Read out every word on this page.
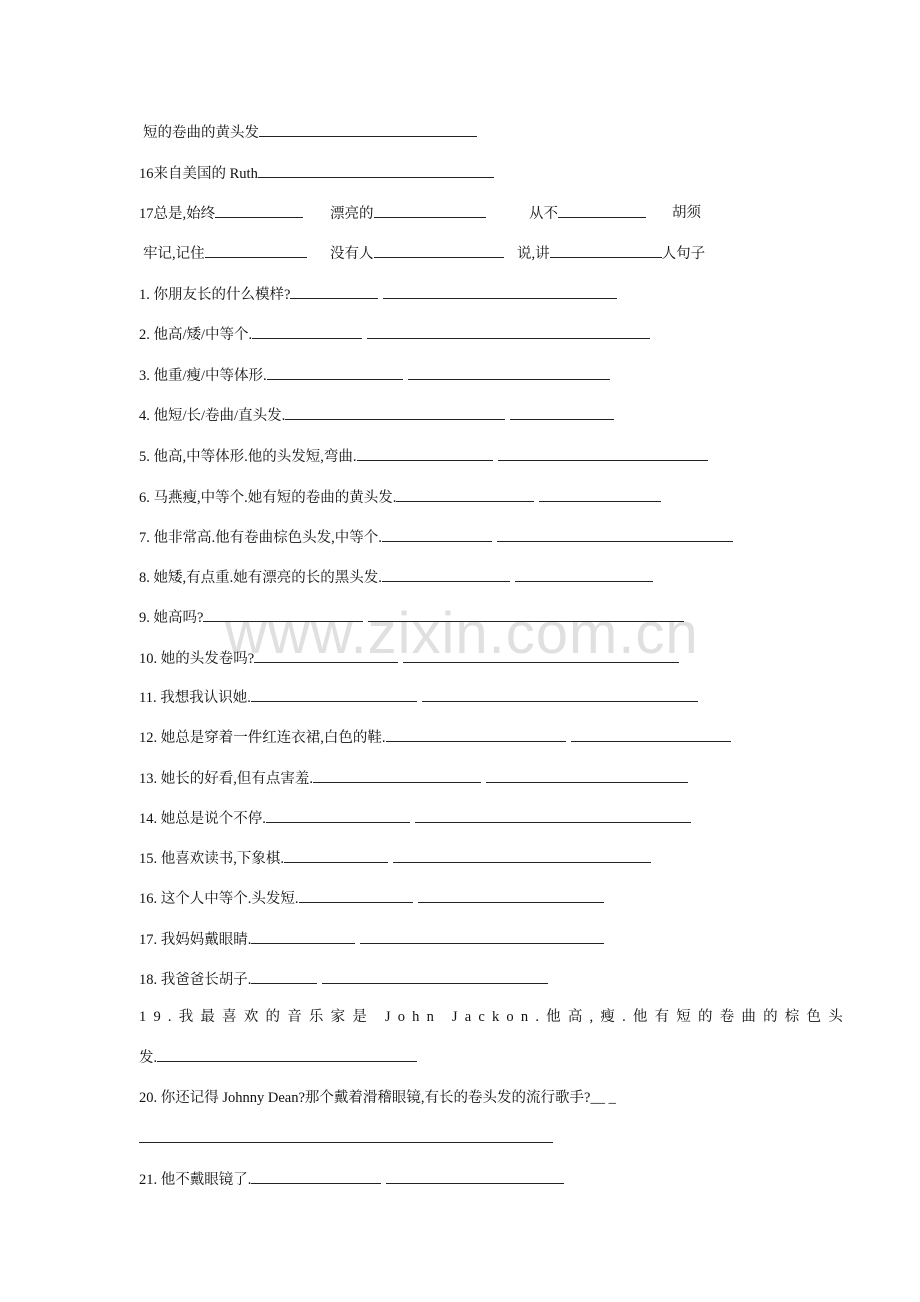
www.zixin.com.cn
短的卷曲的黄头发
16来自美国的 Ruth
17总是,始终	漂亮的	从不	胡须
牢记,记住	没有人	说,讲	人句子
1. 你朋友长的什么模样?
2. 他高/矮/中等个.
3. 他重/瘦/中等体形.
4. 他短/长/卷曲/直头发.
5. 他高,中等体形.他的头发短,弯曲.
6. 马燕瘦,中等个.她有短的卷曲的黄头发.
7. 他非常高.他有卷曲棕色头发,中等个.
8. 她矮,有点重.她有漂亮的长的黑头发.
9. 她高吗?
10. 她的头发卷吗?
11. 我想我认识她.
12. 她总是穿着一件红连衣裙,白色的鞋.
13. 她长的好看,但有点害羞.
14. 她总是说个不停.
15. 他喜欢读书,下象棋.
16. 这个人中等个.头发短.
17. 我妈妈戴眼睛.
18. 我爸爸长胡子.
19.我最喜欢的音乐家是 John Jackon.他高,瘦.他有短的卷曲的棕色头
发.
20. 你还记得 Johnny Dean?那个戴着滑稽眼镜,有长的卷头发的流行歌手?__ _
21. 他不戴眼镜了.
